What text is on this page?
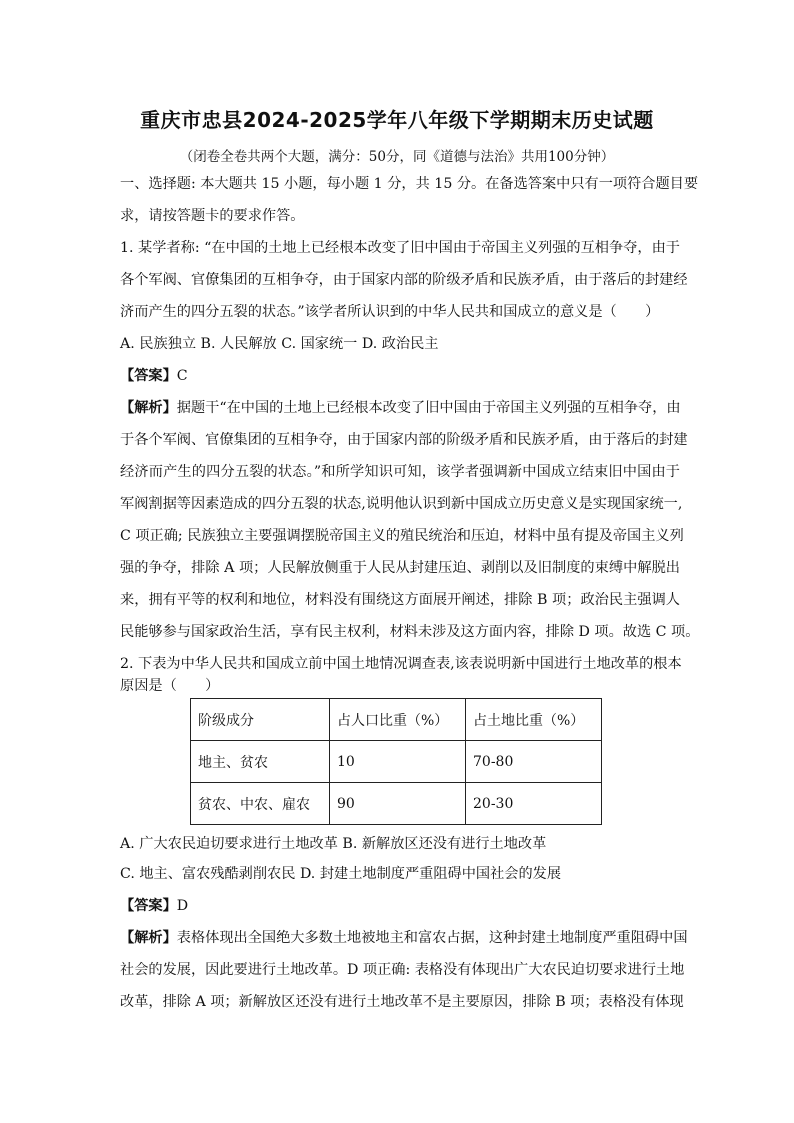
重庆市忠县2024-2025学年八年级下学期期末历史试题
（闭卷全卷共两个大题，满分：50分，同《道德与法治》共用100分钟）
一、选择题: 本大题共 15 小题，每小题 1 分，共 15 分。在备选答案中只有一项符合题目要
求，请按答题卡的要求作答。
1. 某学者称: “在中国的土地上已经根本改变了旧中国由于帝国主义列强的互相争夺，由于
各个军阀、官僚集团的互相争夺，由于国家内部的阶级矛盾和民族矛盾，由于落后的封建经
济而产生的四分五裂的状态。”该学者所认识到的中华人民共和国成立的意义是（　　）
A. 民族独立 B. 人民解放 C. 国家统一 D. 政治民主
【答案】C
【解析】据题干“在中国的土地上已经根本改变了旧中国由于帝国主义列强的互相争夺，由
于各个军阀、官僚集团的互相争夺，由于国家内部的阶级矛盾和民族矛盾，由于落后的封建
经济而产生的四分五裂的状态。”和所学知识可知，该学者强调新中国成立结束旧中国由于
军阀割据等因素造成的四分五裂的状态,说明他认识到新中国成立历史意义是实现国家统一,
C 项正确; 民族独立主要强调摆脱帝国主义的殖民统治和压迫，材料中虽有提及帝国主义列
强的争夺，排除 A 项；人民解放侧重于人民从封建压迫、剥削以及旧制度的束缚中解脱出
来，拥有平等的权利和地位，材料没有围绕这方面展开阐述，排除 B 项；政治民主强调人
民能够参与国家政治生活，享有民主权利，材料未涉及这方面内容，排除 D 项。故选 C 项。
2. 下表为中华人民共和国成立前中国土地情况调查表,该表说明新中国进行土地改革的根本
原因是（　　）
阶级成分	占人口比重（%）	占土地比重（%）
地主、贫农	10	70-80
贫农、中农、雇农	90	20-30
A. 广大农民迫切要求进行土地改革 B. 新解放区还没有进行土地改革
C. 地主、富农残酷剥削农民 D. 封建土地制度严重阻碍中国社会的发展
【答案】D
【解析】表格体现出全国绝大多数土地被地主和富农占据，这种封建土地制度严重阻碍中国
社会的发展，因此要进行土地改革。D 项正确: 表格没有体现出广大农民迫切要求进行土地
改革，排除 A 项；新解放区还没有进行土地改革不是主要原因，排除 B 项；表格没有体现
